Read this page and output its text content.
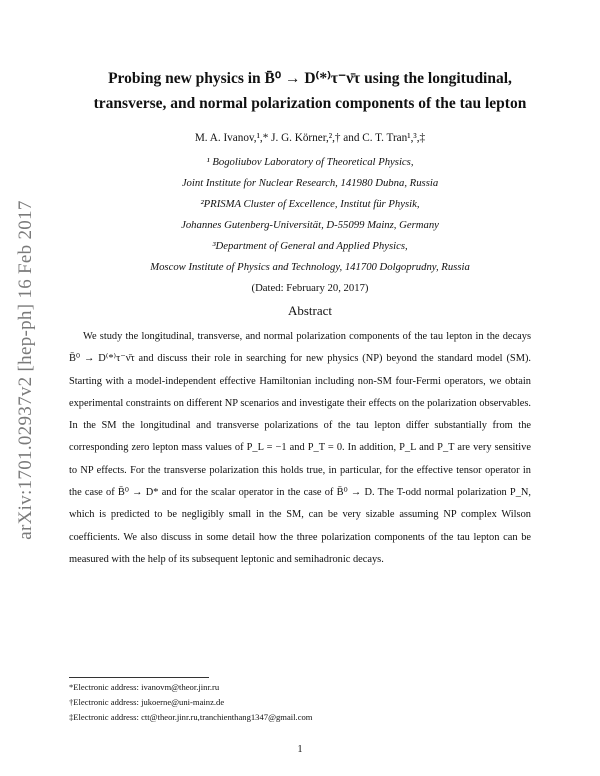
arXiv:1701.02937v2 [hep-ph] 16 Feb 2017
Probing new physics in B̄⁰ → D⁽*⁾τ⁻ν̄τ using the longitudinal,
transverse, and normal polarization components of the tau lepton
M. A. Ivanov,¹,* J. G. Körner,²,† and C. T. Tran¹,³,‡
¹ Bogoliubov Laboratory of Theoretical Physics,
Joint Institute for Nuclear Research, 141980 Dubna, Russia
²PRISMA Cluster of Excellence, Institut für Physik,
Johannes Gutenberg-Universität, D-55099 Mainz, Germany
³Department of General and Applied Physics,
Moscow Institute of Physics and Technology, 141700 Dolgoprudny, Russia
(Dated: February 20, 2017)
Abstract
We study the longitudinal, transverse, and normal polarization components of the tau lepton in the decays B̄⁰ → D⁽*⁾τ⁻ν̄τ and discuss their role in searching for new physics (NP) beyond the standard model (SM). Starting with a model-independent effective Hamiltonian including non-SM four-Fermi operators, we obtain experimental constraints on different NP scenarios and investigate their effects on the polarization observables. In the SM the longitudinal and transverse polarizations of the tau lepton differ substantially from the corresponding zero lepton mass values of P_L = −1 and P_T = 0. In addition, P_L and P_T are very sensitive to NP effects. For the transverse polarization this holds true, in particular, for the effective tensor operator in the case of B̄⁰ → D* and for the scalar operator in the case of B̄⁰ → D. The T-odd normal polarization P_N, which is predicted to be negligibly small in the SM, can be very sizable assuming NP complex Wilson coefficients. We also discuss in some detail how the three polarization components of the tau lepton can be measured with the help of its subsequent leptonic and semihadronic decays.
*Electronic address: ivanovm@theor.jinr.ru
†Electronic address: jukoerne@uni-mainz.de
‡Electronic address: ctt@theor.jinr.ru,tranchienthang1347@gmail.com
1
